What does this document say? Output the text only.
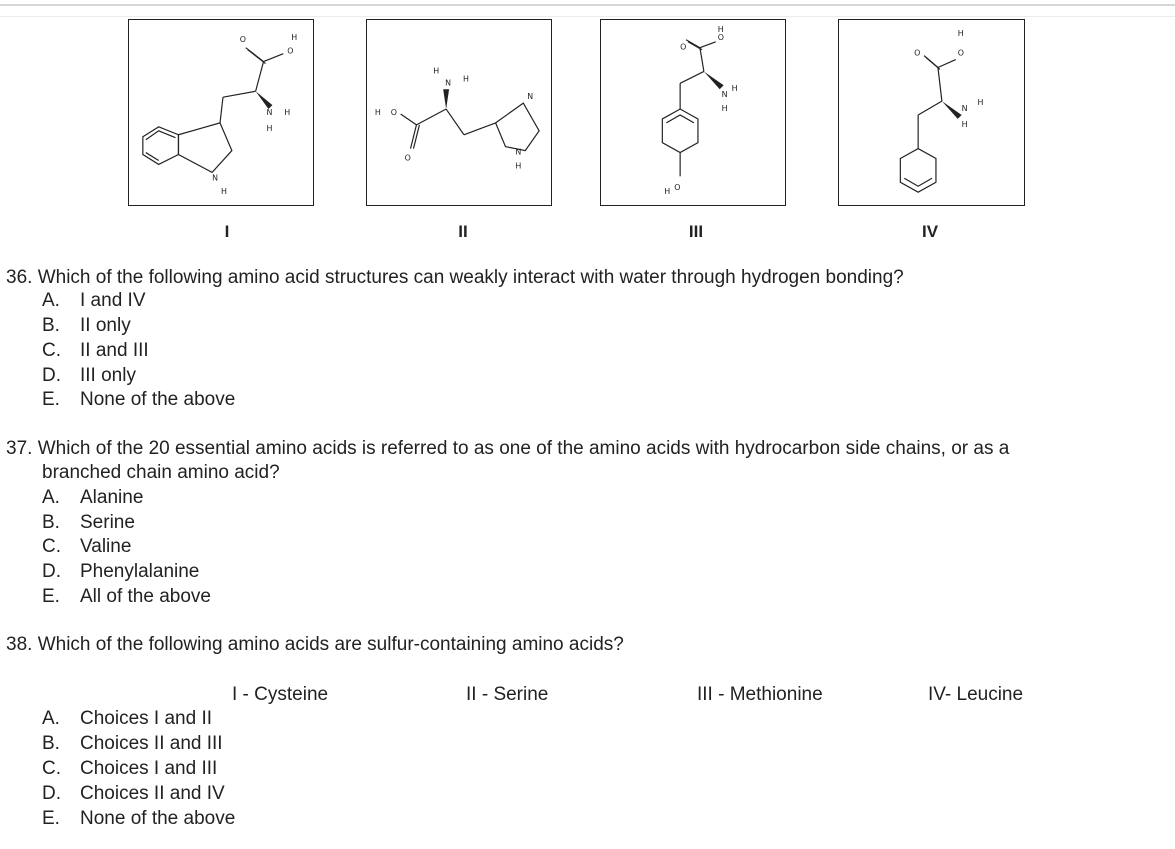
O
O
H
N H
H
N
H
H O
O
H
N H
N
N
H
O
O
H
N
H
H
O
H
O	O
H
N
H
H
I	II	III	IV
36. Which of the following amino acid structures can weakly interact with water through hydrogen bonding?
A. I and IV
B. II only
C. II and III
D. III only
E. None of the above
37. Which of the 20 essential amino acids is referred to as one of the amino acids with hydrocarbon side chains, or as a
branched chain amino acid?
A. Alanine
B. Serine
C. Valine
D. Phenylalanine
E. All of the above
38. Which of the following amino acids are sulfur-containing amino acids?
I - Cysteine	II - Serine	III - Methionine	IV- Leucine
A. Choices I and II
B. Choices II and III
C. Choices I and III
D. Choices II and IV
E. None of the above
